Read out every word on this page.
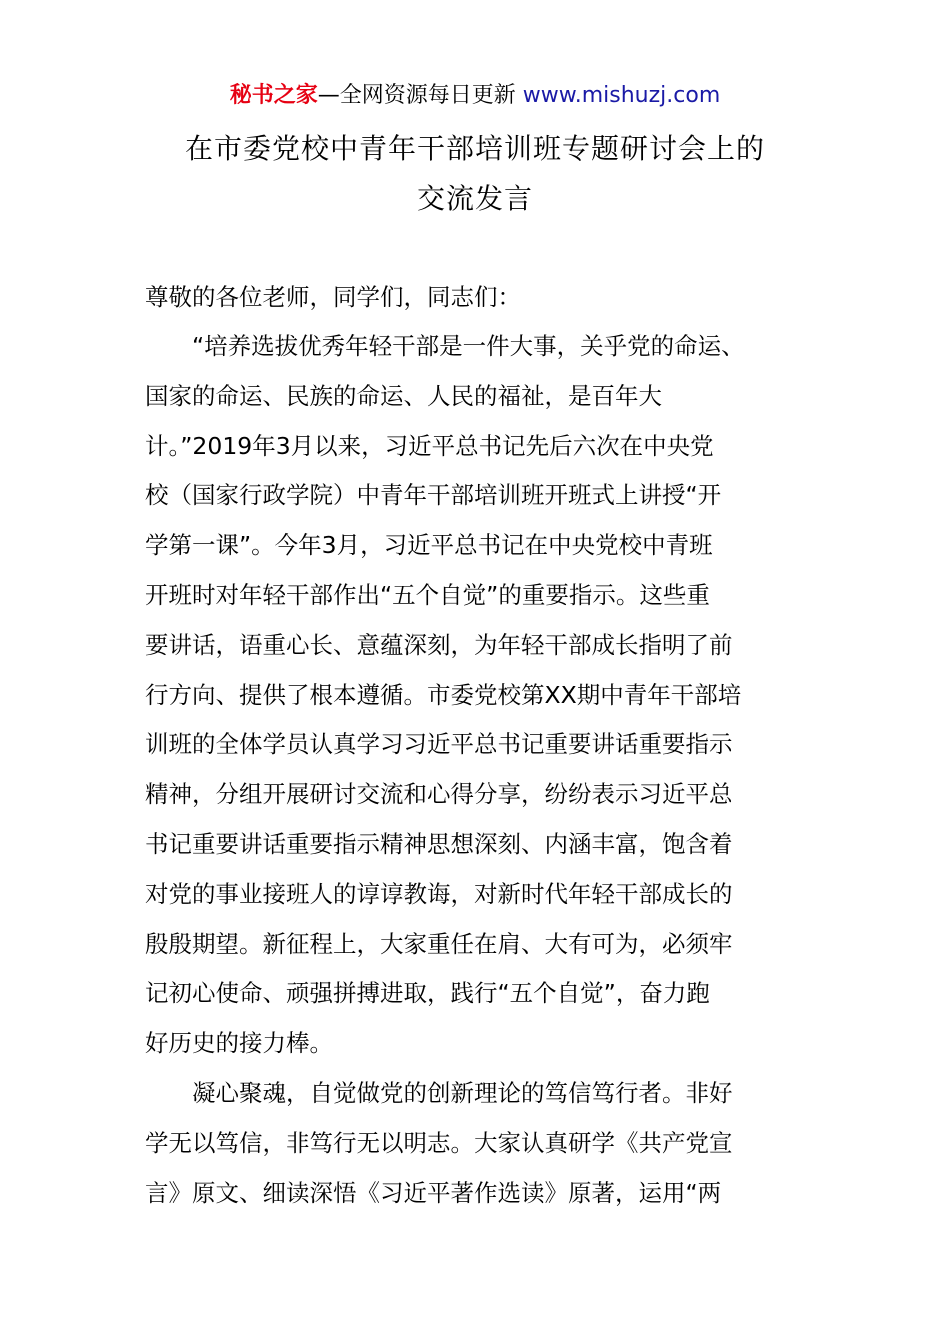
秘书之家—全网资源每日更新 www.mishuzj.com
在市委党校中青年干部培训班专题研讨会上的
交流发言
尊敬的各位老师，同学们，同志们：
　　“培养选拔优秀年轻干部是一件大事，关乎党的命运、
国家的命运、民族的命运、人民的福祉，是百年大
计。”2019年3月以来，习近平总书记先后六次在中央党
校（国家行政学院）中青年干部培训班开班式上讲授“开
学第一课”。今年3月，习近平总书记在中央党校中青班
开班时对年轻干部作出“五个自觉”的重要指示。这些重
要讲话，语重心长、意蕴深刻，为年轻干部成长指明了前
行方向、提供了根本遵循。市委党校第XX期中青年干部培
训班的全体学员认真学习习近平总书记重要讲话重要指示
精神，分组开展研讨交流和心得分享，纷纷表示习近平总
书记重要讲话重要指示精神思想深刻、内涵丰富，饱含着
对党的事业接班人的谆谆教诲，对新时代年轻干部成长的
殷殷期望。新征程上，大家重任在肩、大有可为，必须牢
记初心使命、顽强拼搏进取，践行“五个自觉”，奋力跑
好历史的接力棒。
　　凝心聚魂，自觉做党的创新理论的笃信笃行者。非好
学无以笃信，非笃行无以明志。大家认真研学《共产党宣
言》原文、细读深悟《习近平著作选读》原著，运用“两
